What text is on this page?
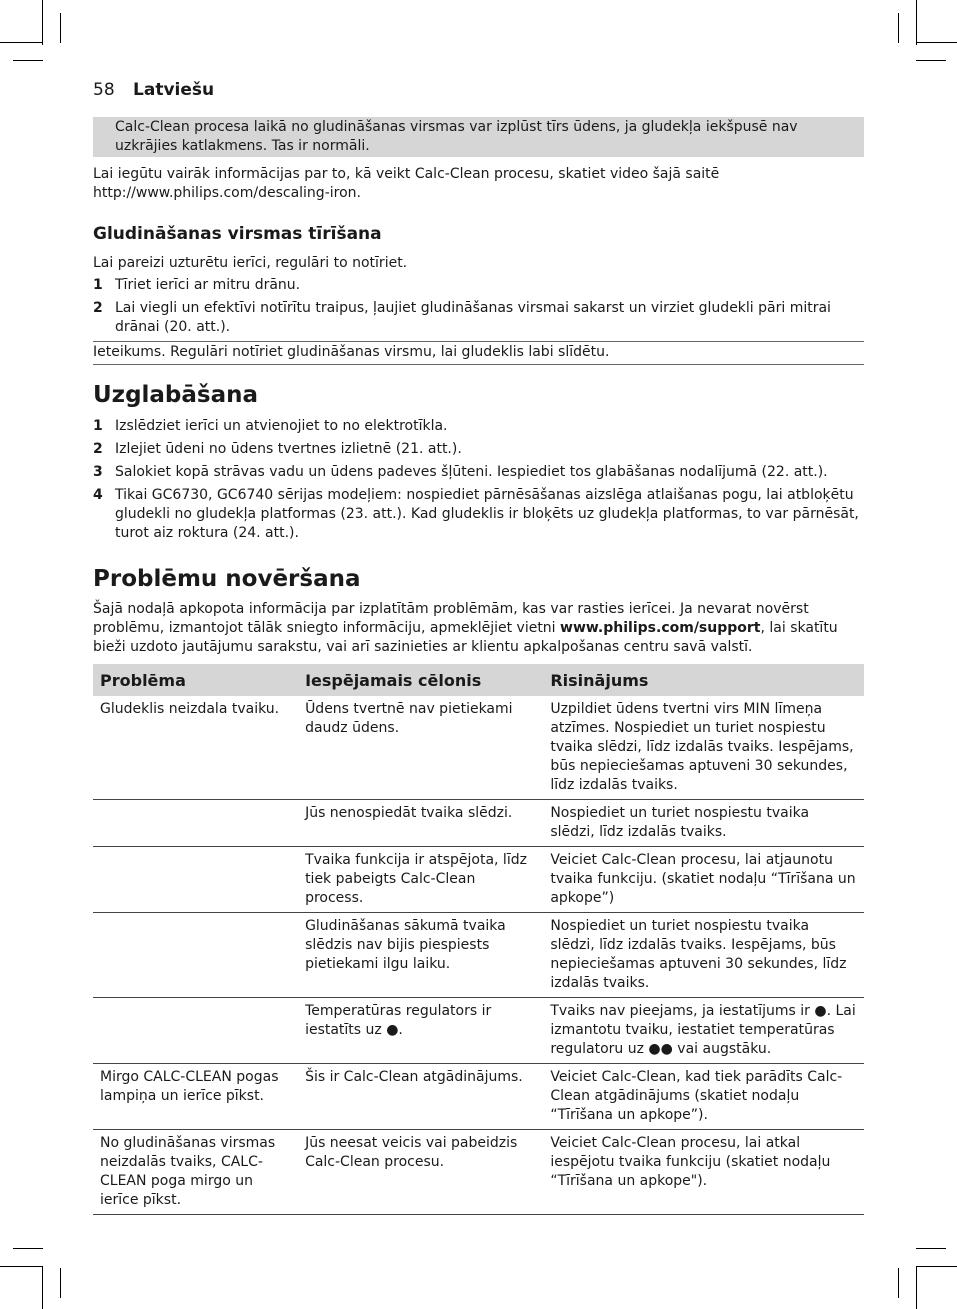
58 Latviešu
Calc-Clean procesa laikā no gludināšanas virsmas var izplūst tīrs ūdens, ja gludekļa iekšpusē nav uzkrājies katlakmens. Tas ir normāli.

Lai iegūtu vairāk informācijas par to, kā veikt Calc-Clean procesu, skatiet video šajā saitē http://www.philips.com/descaling-iron.

Gludināšanas virsmas tīrīšana

Lai pareizi uzturētu ierīci, regulāri to notīriet.

1 Tīriet ierīci ar mitru drānu.
2 Lai viegli un efektīvi notīrītu traipus, ļaujiet gludināšanas virsmai sakarst un virziet gludekli pāri mitrai drānai (20. att.).
Ieteikums. Regulāri notīriet gludināšanas virsmu, lai gludeklis labi slīdētu.
Uzglabāšana
1 Izslēdziet ierīci un atvienojiet to no elektrotīkla.
2 Izlejiet ūdeni no ūdens tvertnes izlietnē (21. att.).
3 Salokiet kopā strāvas vadu un ūdens padeves šļūteni. Iespiediet tos glabāšanas nodalījumā (22. att.).
4 Tikai GC6730, GC6740 sērijas modeļiem: nospiediet pārnēsāšanas aizslēga atlaišanas pogu, lai atbloķētu gludekli no gludekļa platformas (23. att.). Kad gludeklis ir bloķēts uz gludekļa platformas, to var pārnēsāt, turot aiz roktura (24. att.).
Problēmu novēršana

Šajā nodaļā apkopota informācija par izplatītām problēmām, kas var rasties ierīcei. Ja nevarat novērst problēmu, izmantojot tālāk sniegto informāciju, apmeklējiet vietni www.philips.com/support, lai skatītu bieži uzdoto jautājumu sarakstu, vai arī sazinieties ar klientu apkalpošanas centru savā valstī.

Problēma	Iespējamais cēlonis	Risinājums
Gludeklis neizdala tvaiku.	Ūdens tvertnē nav pietiekami daudz ūdens.	Uzpildiet ūdens tvertni virs MIN līmeņa atzīmes. Nospiediet un turiet nospiestu tvaika slēdzi, līdz izdalās tvaiks. Iespējams, būs nepieciešamas aptuveni 30 sekundes, līdz izdalās tvaiks.
	Jūs nenospiedāt tvaika slēdzi.	Nospiediet un turiet nospiestu tvaika slēdzi, līdz izdalās tvaiks.
	Tvaika funkcija ir atspējota, līdz tiek pabeigts Calc-Clean process.	Veiciet Calc-Clean procesu, lai atjaunotu tvaika funkciju. (skatiet nodaļu “Tīrīšana un apkope”)
	Gludināšanas sākumā tvaika slēdzis nav bijis piespiests pietiekami ilgu laiku.	Nospiediet un turiet nospiestu tvaika slēdzi, līdz izdalās tvaiks. Iespējams, būs nepieciešamas aptuveni 30 sekundes, līdz izdalās tvaiks.
	Temperatūras regulators ir iestatīts uz ●.	Tvaiks nav pieejams, ja iestatījums ir ●. Lai izmantotu tvaiku, iestatiet temperatūras regulatoru uz ●● vai augstāku.
Mirgo CALC-CLEAN pogas lampiņa un ierīce pīkst.	Šis ir Calc-Clean atgādinājums.	Veiciet Calc-Clean, kad tiek parādīts Calc-Clean atgādinājums (skatiet nodaļu “Tīrīšana un apkope”).
No gludināšanas virsmas neizdalās tvaiks, CALC-CLEAN poga mirgo un ierīce pīkst.	Jūs neesat veicis vai pabeidzis Calc-Clean procesu.	Veiciet Calc-Clean procesu, lai atkal iespējotu tvaika funkciju (skatiet nodaļu “Tīrīšana un apkope").
